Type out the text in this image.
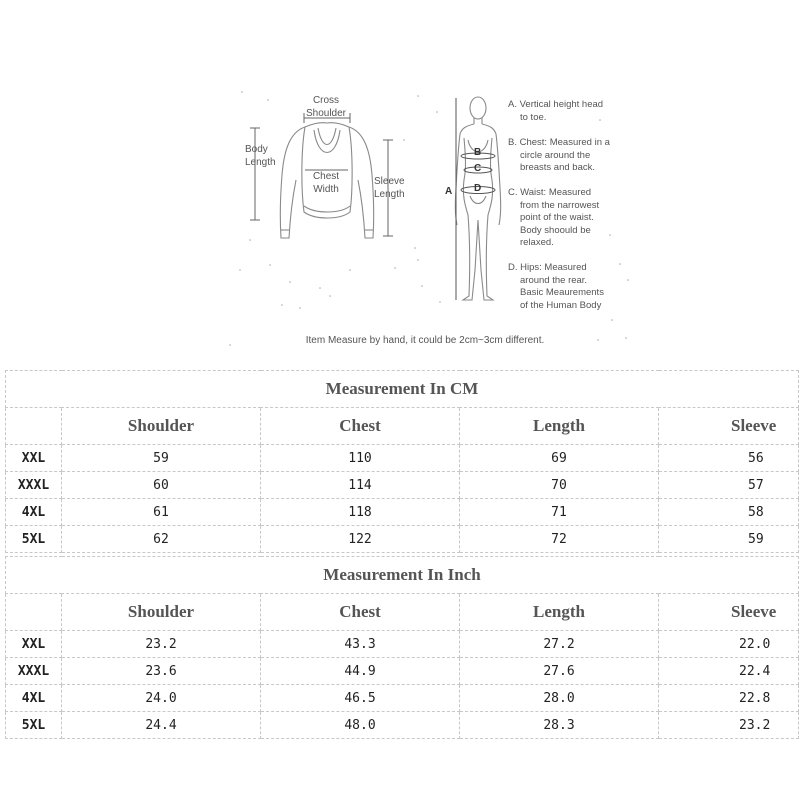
Cross
Shoulder
Body
Length
Chest
Width
Sleeve
Length	A
B
C
D
A. Vertical height head
to toe.
B. Chest: Measured in a
circle around the
breasts and back.
C. Waist: Measured
from the narrowest
point of the waist.
Body shoould be
relaxed.
D. Hips: Measured
around the rear.
Basic Meaurements
of the Human Body
Item Measure by hand, it could be 2cm~3cm different.
Measurement In CM				
	Shoulder	Chest	Length	Sleeve
XXL	59	110	69	56
XXXL	60	114	70	57
4XL	61	118	71	58
5XL	62	122	72	59
Measurement In Inch				
	Shoulder	Chest	Length	Sleeve
XXL	23.2	43.3	27.2	22.0
XXXL	23.6	44.9	27.6	22.4
4XL	24.0	46.5	28.0	22.8
5XL	24.4	48.0	28.3	23.2
